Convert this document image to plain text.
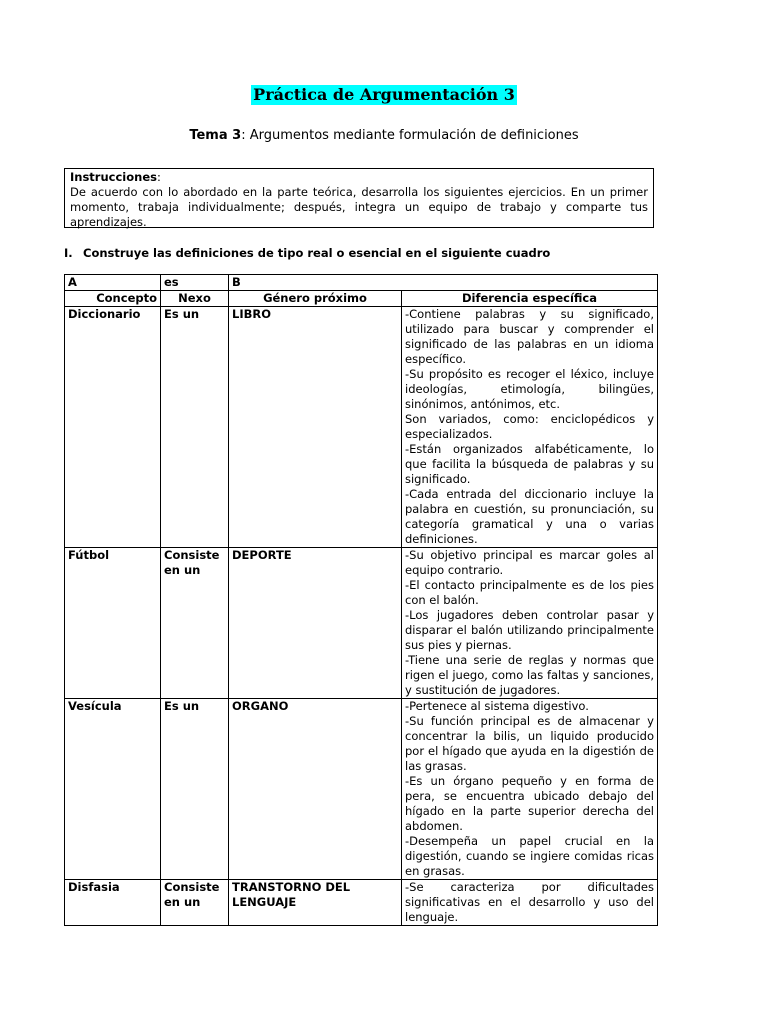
Práctica de Argumentación 3
Tema 3: Argumentos mediante formulación de definiciones
Instrucciones:
De acuerdo con lo abordado en la parte teórica, desarrolla los siguientes ejercicios. En un primer momento, trabaja individualmente; después, integra un equipo de trabajo y comparte tus aprendizajes.
I. Construye las definiciones de tipo real o esencial en el siguiente cuadro
A	es	B	
Concepto	Nexo	Género próximo	Diferencia específica
Diccionario	Es un	LIBRO	-Contiene palabras y su significado, utilizado para buscar y comprender el significado de las palabras en un idioma específico.
-Su propósito es recoger el léxico, incluye ideologías, etimología, bilingües, sinónimos, antónimos, etc.
Son variados, como: enciclopédicos y especializados.
-Están organizados alfabéticamente, lo que facilita la búsqueda de palabras y su significado.
-Cada entrada del diccionario incluye la palabra en cuestión, su pronunciación, su categoría gramatical y una o varias definiciones.

Fútbol	Consiste en un	DEPORTE	-Su objetivo principal es marcar goles al equipo contrario.
-El contacto principalmente es de los pies con el balón.
-Los jugadores deben controlar pasar y disparar el balón utilizando principalmente sus pies y piernas.
-Tiene una serie de reglas y normas que rigen el juego, como las faltas y sanciones, y sustitución de jugadores.

Vesícula	Es un	ORGANO	-Pertenece al sistema digestivo.
-Su función principal es de almacenar y concentrar la bilis, un liquido producido por el hígado que ayuda en la digestión de las grasas.
-Es un órgano pequeño y en forma de pera, se encuentra ubicado debajo del hígado en la parte superior derecha del abdomen.
-Desempeña un papel crucial en la digestión, cuando se ingiere comidas ricas en grasas.

Disfasia	Consiste en un	TRANSTORNO DEL LENGUAJE	-Se caracteriza por dificultades significativas en el desarrollo y uso del lenguaje.
